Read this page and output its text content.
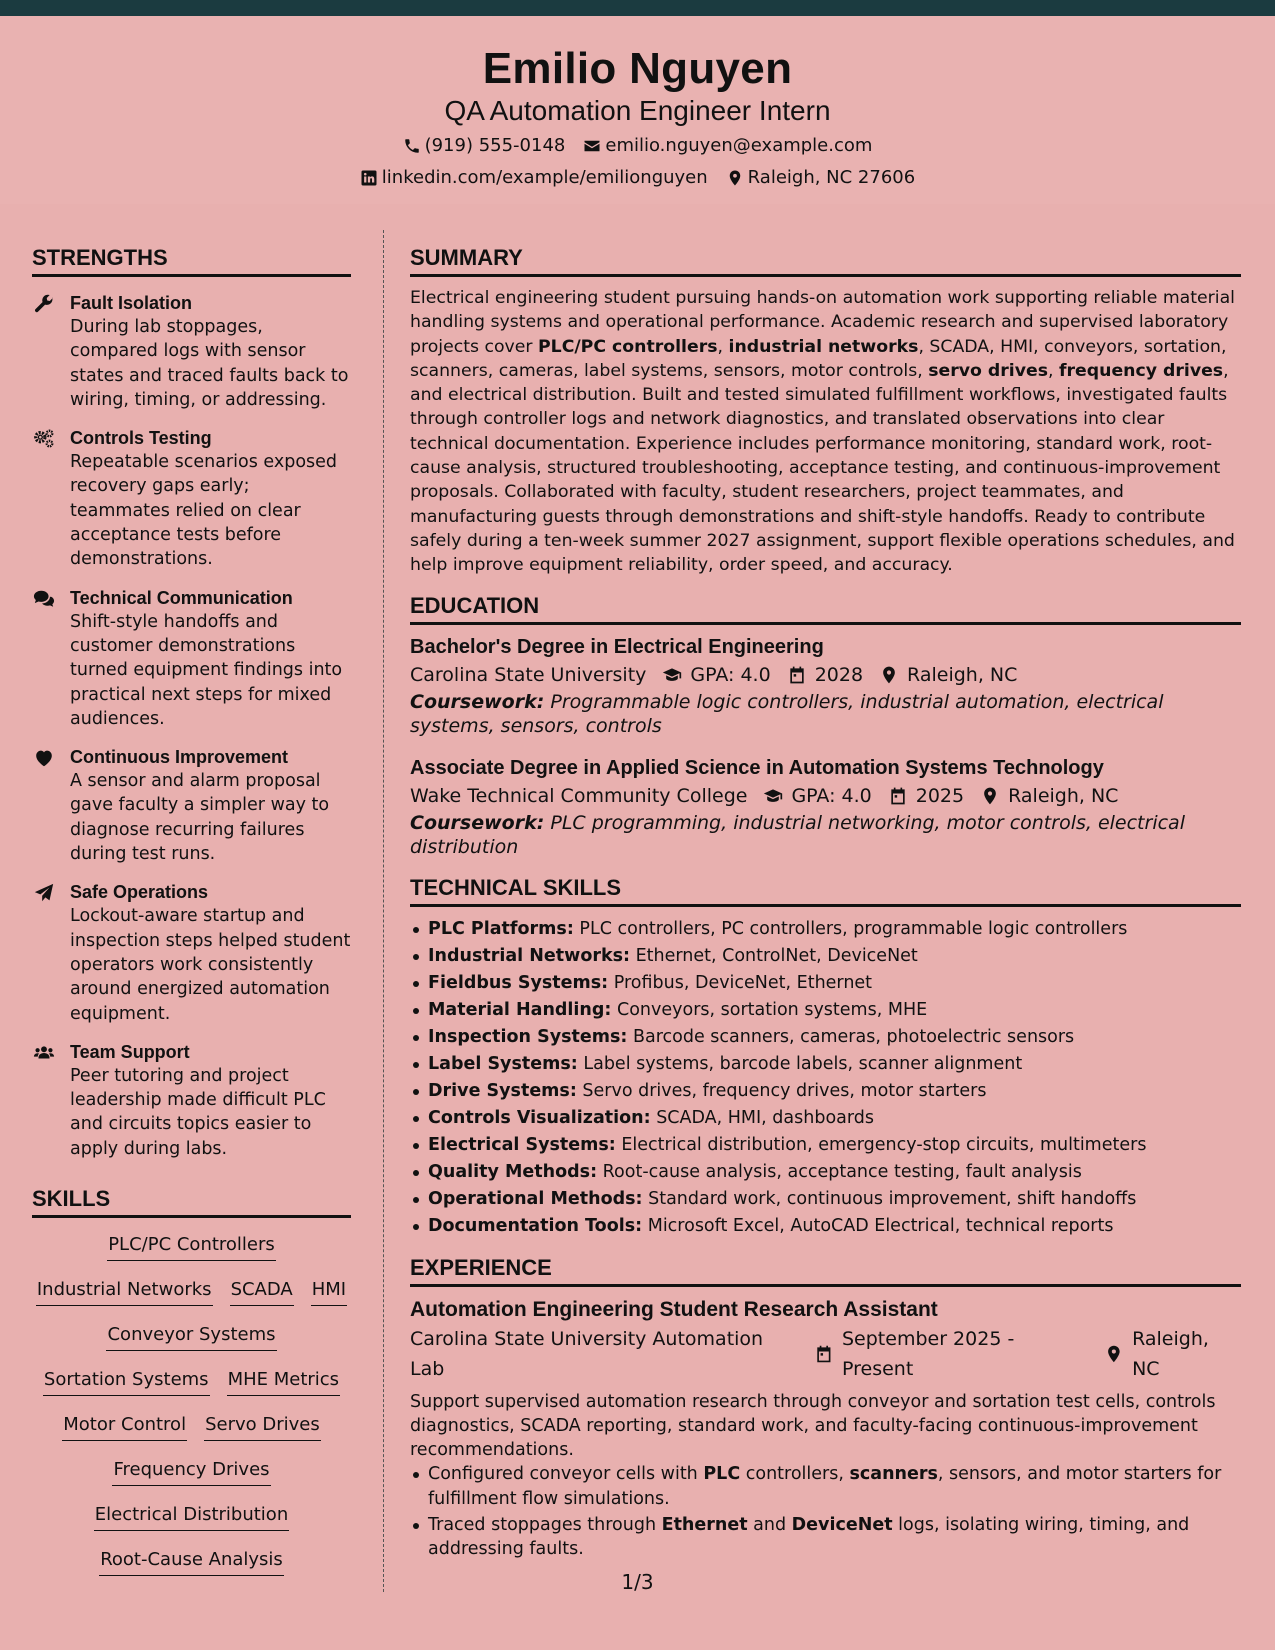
Emilio Nguyen
QA Automation Engineer Intern
(919) 555-0148 emilio.nguyen@example.com
linkedin.com/example/emilionguyen Raleigh, NC 27606
STRENGTHS
Fault Isolation
During lab stoppages, compared logs with sensor states and traced faults back to wiring, timing, or addressing.
Controls Testing
Repeatable scenarios exposed recovery gaps early; teammates relied on clear acceptance tests before demonstrations.
Technical Communication
Shift-style handoffs and customer demonstrations turned equipment findings into practical next steps for mixed audiences.
Continuous Improvement
A sensor and alarm proposal gave faculty a simpler way to diagnose recurring failures during test runs.
Safe Operations
Lockout-aware startup and inspection steps helped student operators work consistently around energized automation equipment.
Team Support
Peer tutoring and project leadership made difficult PLC and circuits topics easier to apply during labs.
SKILLS
PLC/PC Controllers
Industrial Networks SCADA HMI
Conveyor Systems
Sortation Systems MHE Metrics
Motor Control Servo Drives
Frequency Drives
Electrical Distribution
Root-Cause Analysis
SUMMARY

Electrical engineering student pursuing hands-on automation work supporting reliable material handling systems and operational performance. Academic research and supervised laboratory projects cover PLC/PC controllers, industrial networks, SCADA, HMI, conveyors, sortation, scanners, cameras, label systems, sensors, motor controls, servo drives, frequency drives, and electrical distribution. Built and tested simulated fulfillment workflows, investigated faults through controller logs and network diagnostics, and translated observations into clear technical documentation. Experience includes performance monitoring, standard work, root-cause analysis, structured troubleshooting, acceptance testing, and continuous-improvement proposals. Collaborated with faculty, student researchers, project teammates, and manufacturing guests through demonstrations and shift-style handoffs. Ready to contribute safely during a ten-week summer 2027 assignment, support flexible operations schedules, and help improve equipment reliability, order speed, and accuracy.

EDUCATION
Bachelor's Degree in Electrical Engineering
Carolina State University GPA: 4.0 2028 Raleigh, NC
Coursework: Programmable logic controllers, industrial automation, electrical systems, sensors, controls
Associate Degree in Applied Science in Automation Systems Technology
Wake Technical Community College GPA: 4.0 2025 Raleigh, NC
Coursework: PLC programming, industrial networking, motor controls, electrical distribution
TECHNICAL SKILLS
PLC Platforms: PLC controllers, PC controllers, programmable logic controllers
Industrial Networks: Ethernet, ControlNet, DeviceNet
Fieldbus Systems: Profibus, DeviceNet, Ethernet
Material Handling: Conveyors, sortation systems, MHE
Inspection Systems: Barcode scanners, cameras, photoelectric sensors
Label Systems: Label systems, barcode labels, scanner alignment
Drive Systems: Servo drives, frequency drives, motor starters
Controls Visualization: SCADA, HMI, dashboards
Electrical Systems: Electrical distribution, emergency-stop circuits, multimeters
Quality Methods: Root-cause analysis, acceptance testing, fault analysis
Operational Methods: Standard work, continuous improvement, shift handoffs
Documentation Tools: Microsoft Excel, AutoCAD Electrical, technical reports
EXPERIENCE
Automation Engineering Student Research Assistant
Carolina State University Automation Lab
September 2025 - Present
Raleigh, NC

Support supervised automation research through conveyor and sortation test cells, controls diagnostics, SCADA reporting, standard work, and faculty-facing continuous-improvement recommendations.

Configured conveyor cells with PLC controllers, scanners, sensors, and motor starters for fulfillment flow simulations.
Traced stoppages through Ethernet and DeviceNet logs, isolating wiring, timing, and addressing faults.
1/3
